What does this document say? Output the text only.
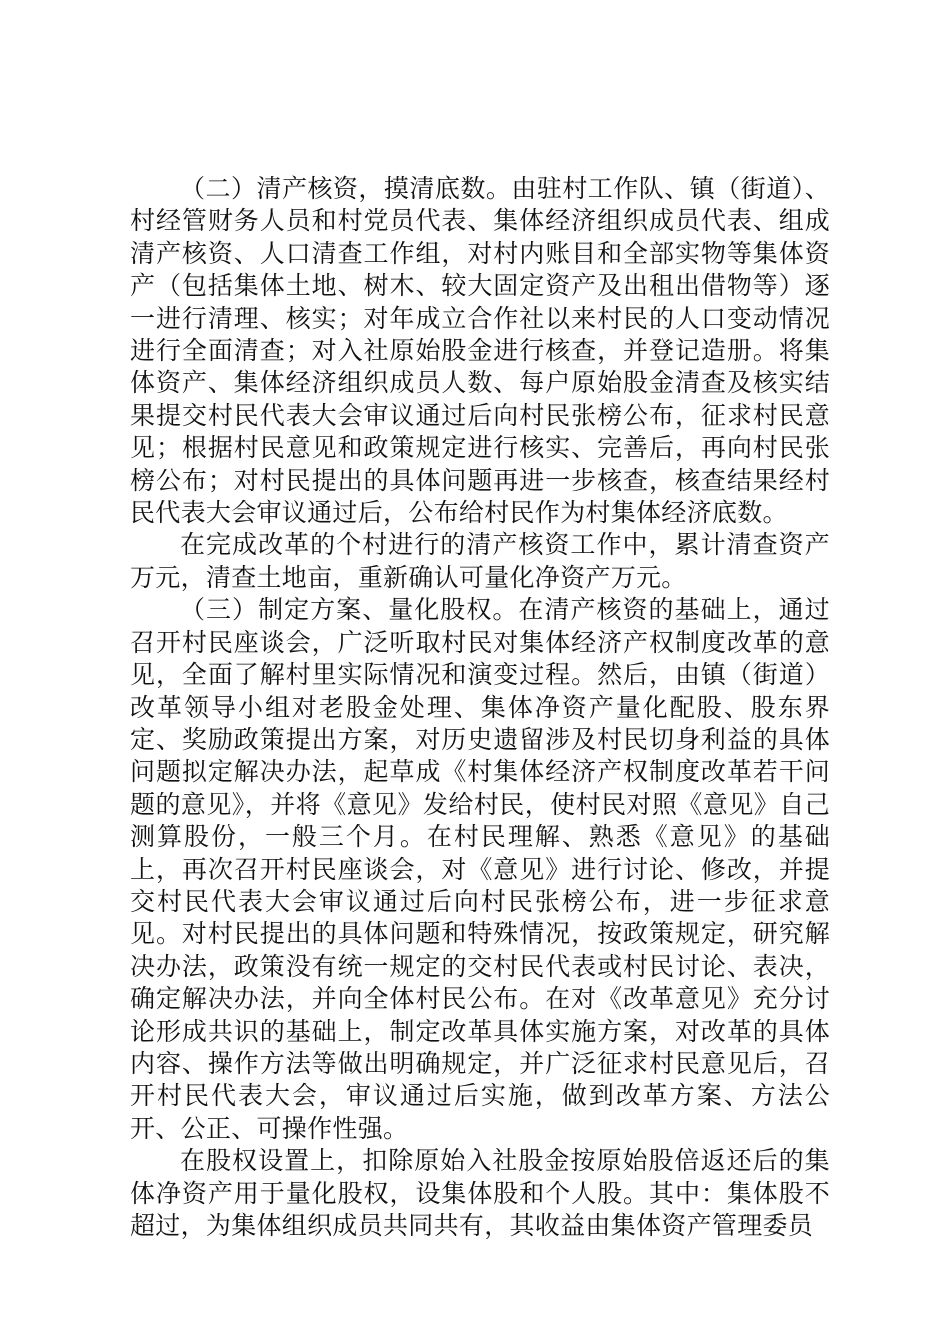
（二）清产核资，摸清底数。由驻村工作队、镇（街道）、村经管财务人员和村党员代表、集体经济组织成员代表、组成清产核资、人口清查工作组，对村内账目和全部实物等集体资产（包括集体土地、树木、较大固定资产及出租出借物等）逐一进行清理、核实；对年成立合作社以来村民的人口变动情况进行全面清查；对入社原始股金进行核查，并登记造册。将集体资产、集体经济组织成员人数、每户原始股金清查及核实结果提交村民代表大会审议通过后向村民张榜公布，征求村民意见；根据村民意见和政策规定进行核实、完善后，再向村民张榜公布；对村民提出的具体问题再进一步核查，核查结果经村民代表大会审议通过后，公布给村民作为村集体经济底数。

在完成改革的个村进行的清产核资工作中，累计清查资产万元，清查土地亩，重新确认可量化净资产万元。

（三）制定方案、量化股权。在清产核资的基础上，通过召开村民座谈会，广泛听取村民对集体经济产权制度改革的意见，全面了解村里实际情况和演变过程。然后，由镇（街道）改革领导小组对老股金处理、集体净资产量化配股、股东界定、奖励政策提出方案，对历史遗留涉及村民切身利益的具体问题拟定解决办法，起草成《村集体经济产权制度改革若干问题的意见》，并将《意见》发给村民，使村民对照《意见》自己测算股份，一般三个月。在村民理解、熟悉《意见》的基础上，再次召开村民座谈会，对《意见》进行讨论、修改，并提交村民代表大会审议通过后向村民张榜公布，进一步征求意见。对村民提出的具体问题和特殊情况，按政策规定，研究解决办法，政策没有统一规定的交村民代表或村民讨论、表决，确定解决办法，并向全体村民公布。在对《改革意见》充分讨论形成共识的基础上，制定改革具体实施方案，对改革的具体内容、操作方法等做出明确规定，并广泛征求村民意见后，召开村民代表大会，审议通过后实施，做到改革方案、方法公开、公正、可操作性强。

在股权设置上，扣除原始入社股金按原始股倍返还后的集体净资产用于量化股权，设集体股和个人股。其中：集体股不超过，为集体组织成员共同共有，其收益由集体资产管理委员
